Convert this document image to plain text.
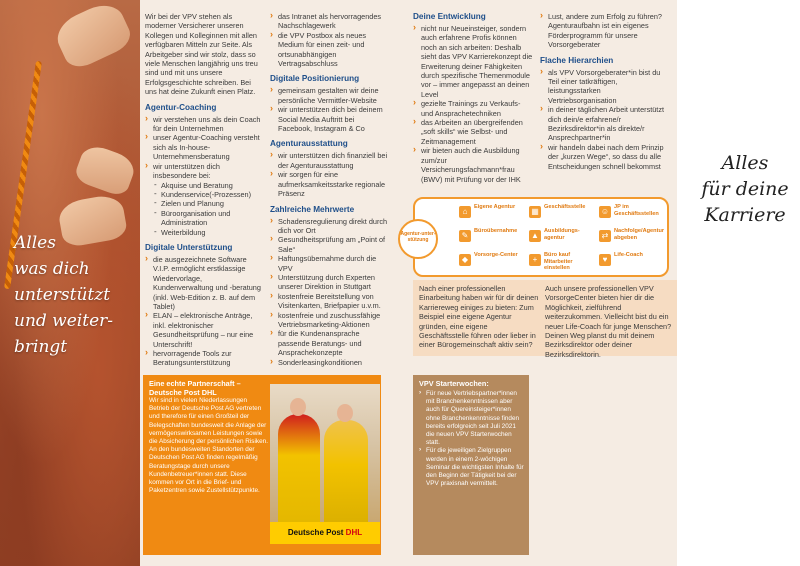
Alles
was dich
unterstützt
und weiter-
bringt

Wir bei der VPV stehen als moderner Versicherer unseren Kollegen und Kolleginnen mit allen verfügbaren Mitteln zur Seite. Als Arbeitgeber sind wir stolz, dass so viele Menschen langjährig uns treu sind und mit uns unsere Erfolgsgeschichte schreiben. Bei uns hat deine Zukunft einen Platz.

Agentur-Coaching
› wir verstehen uns als dein Coach für dein Unternehmen
› unser Agentur-Coaching versteht sich als In-house-Unternehmensberatung
› wir unterstützen dich insbesondere bei:
- Akquise und Beratung
- Kundenservice(-Prozessen)
- Zielen und Planung
- Büroorganisation und Administration
- Weiterbildung
Digitale Unterstützung
› die ausgezeichnete Software V.I.P. ermöglicht erstklassige Wiedervorlage, Kundenverwaltung und -beratung (inkl. Web-Edition z. B. auf dem Tablet)
› ELAN – elektronische Anträge, inkl. elektronischer Gesundheitsprüfung – nur eine Unterschrift!
› hervorragende Tools zur Beratungsunterstützung
› das Intranet als hervorragendes Nachschlagewerk
› die VPV Postbox als neues Medium für einen zeit- und ortsunabhängigen Vertragsabschluss
Digitale Positionierung
› gemeinsam gestalten wir deine persönliche Vermittler-Website
› wir unterstützen dich bei deinem Social Media Auftritt bei Facebook, Instagram & Co
Agenturausstattung
› wir unterstützen dich finanziell bei der Agenturausstattung
› wir sorgen für eine aufmerksamkeitsstarke regionale Präsenz
Zahlreiche Mehrwerte
› Schadensregulierung direkt durch dich vor Ort
› Gesundheitsprüfung am „Point of Sale“
› Haftungsübernahme durch die VPV
› Unterstützung durch Experten unserer Direktion in Stuttgart
› kostenfreie Bereitstellung von Visitenkarten, Briefpapier u.v.m.
› kostenfreie und zuschussfähige Vertriebsmarketing-Aktionen
› für die Kundenansprache passende Beratungs- und Ansprachekonzepte
› Sonderleasingkonditionen
Deine Entwicklung
› nicht nur Neueinsteiger, sondern auch erfahrene Profis können noch an sich arbeiten: Deshalb sieht das VPV Karrierekonzept die Erweiterung deiner Fähigkeiten durch spezifische Themenmodule vor – immer angepasst an deinen Level
› gezielte Trainings zu Verkaufs- und Ansprachetechniken
› das Arbeiten an übergreifenden „soft skills“ wie Selbst- und Zeitmanagement
› wir bieten auch die Ausbildung zum/zur Versicherungsfachmann*frau (BWV) mit Prüfung vor der IHK
› Lust, andere zum Erfolg zu führen? Agenturaufbahn ist ein eigenes Förderprogramm für unsere Vorsorgeberater
Flache Hierarchien
› als VPV Vorsorgeberater*in bist du Teil einer tatkräftigen, leistungsstarken Vertriebsorganisation
› in deiner täglichen Arbeit unterstützt dich dein/e erfahrene/r Bezirksdirektor*in als direkte/r Ansprechpartner*in
› wir handeln dabei nach dem Prinzip der „kurzen Wege“, so dass du alle Entscheidungen schnell bekommst
⌂	Eigene Agentur	▦ Geschäftsstelle	☺ JP im Geschäftsstellen
✎	Büroübernahme ▲ Ausbildungs-agentur	⇄	Nachfolge/Agentur abgeben
◆	Vorsorge-Center	+	Büro kauf Mitarbeiter einstellen
♥	Life-Coach
Agentur-unter-stützung
Nach einer professionellen Einarbeitung haben wir für dir deinen Karriereweg einiges zu bieten: Zum Beispiel eine eigene Agentur gründen, eine eigene Geschäftsstelle führen oder lieber in einer Bürogemeinschaft aktiv sein?
Auch unsere professionellen VPV VorsorgeCenter bieten hier dir die Möglichkeit, zielführend weiterzukommen. Vielleicht bist du ein neuer Life-Coach für junge Menschen? Deinen Weg planst du mit deinem Bezirksdirektor oder deiner Bezirksdirektorin.
Eine echte Partnerschaft – Deutsche Post DHL
Wir sind in vielen Niederlassungen Betrieb der Deutsche Post AG vertreten und therefore für einen Großteil der Belegschaften bundesweit die Anlage der vermögenswirksamen Leistungen sowie die Absicherung der persönlichen Risiken. An den bundesweiten Standorten der Deutschen Post AG finden regelmäßig Beratungstage durch unsere Kundenbetreuer*innen statt. Diese kommen vor Ort in die Brief- und Paketzentren sowie Zustellstützpunkte.
Deutsche Post DHL
VPV Starterwochen:
› Für neue Vertriebspartner*innen mit Branchenkenntnissen aber auch für Quereinsteiger*innen ohne Branchenkenntnisse finden bereits erfolgreich seit Juli 2021 die neuen VPV Starterwochen statt.
› Für die jeweiligen Zielgruppen werden in einem 2-wöchigen Seminar die wichtigsten Inhalte für den Beginn der Tätigkeit bei der VPV praxisnah vermittelt.
Alles
für deine
Karriere
